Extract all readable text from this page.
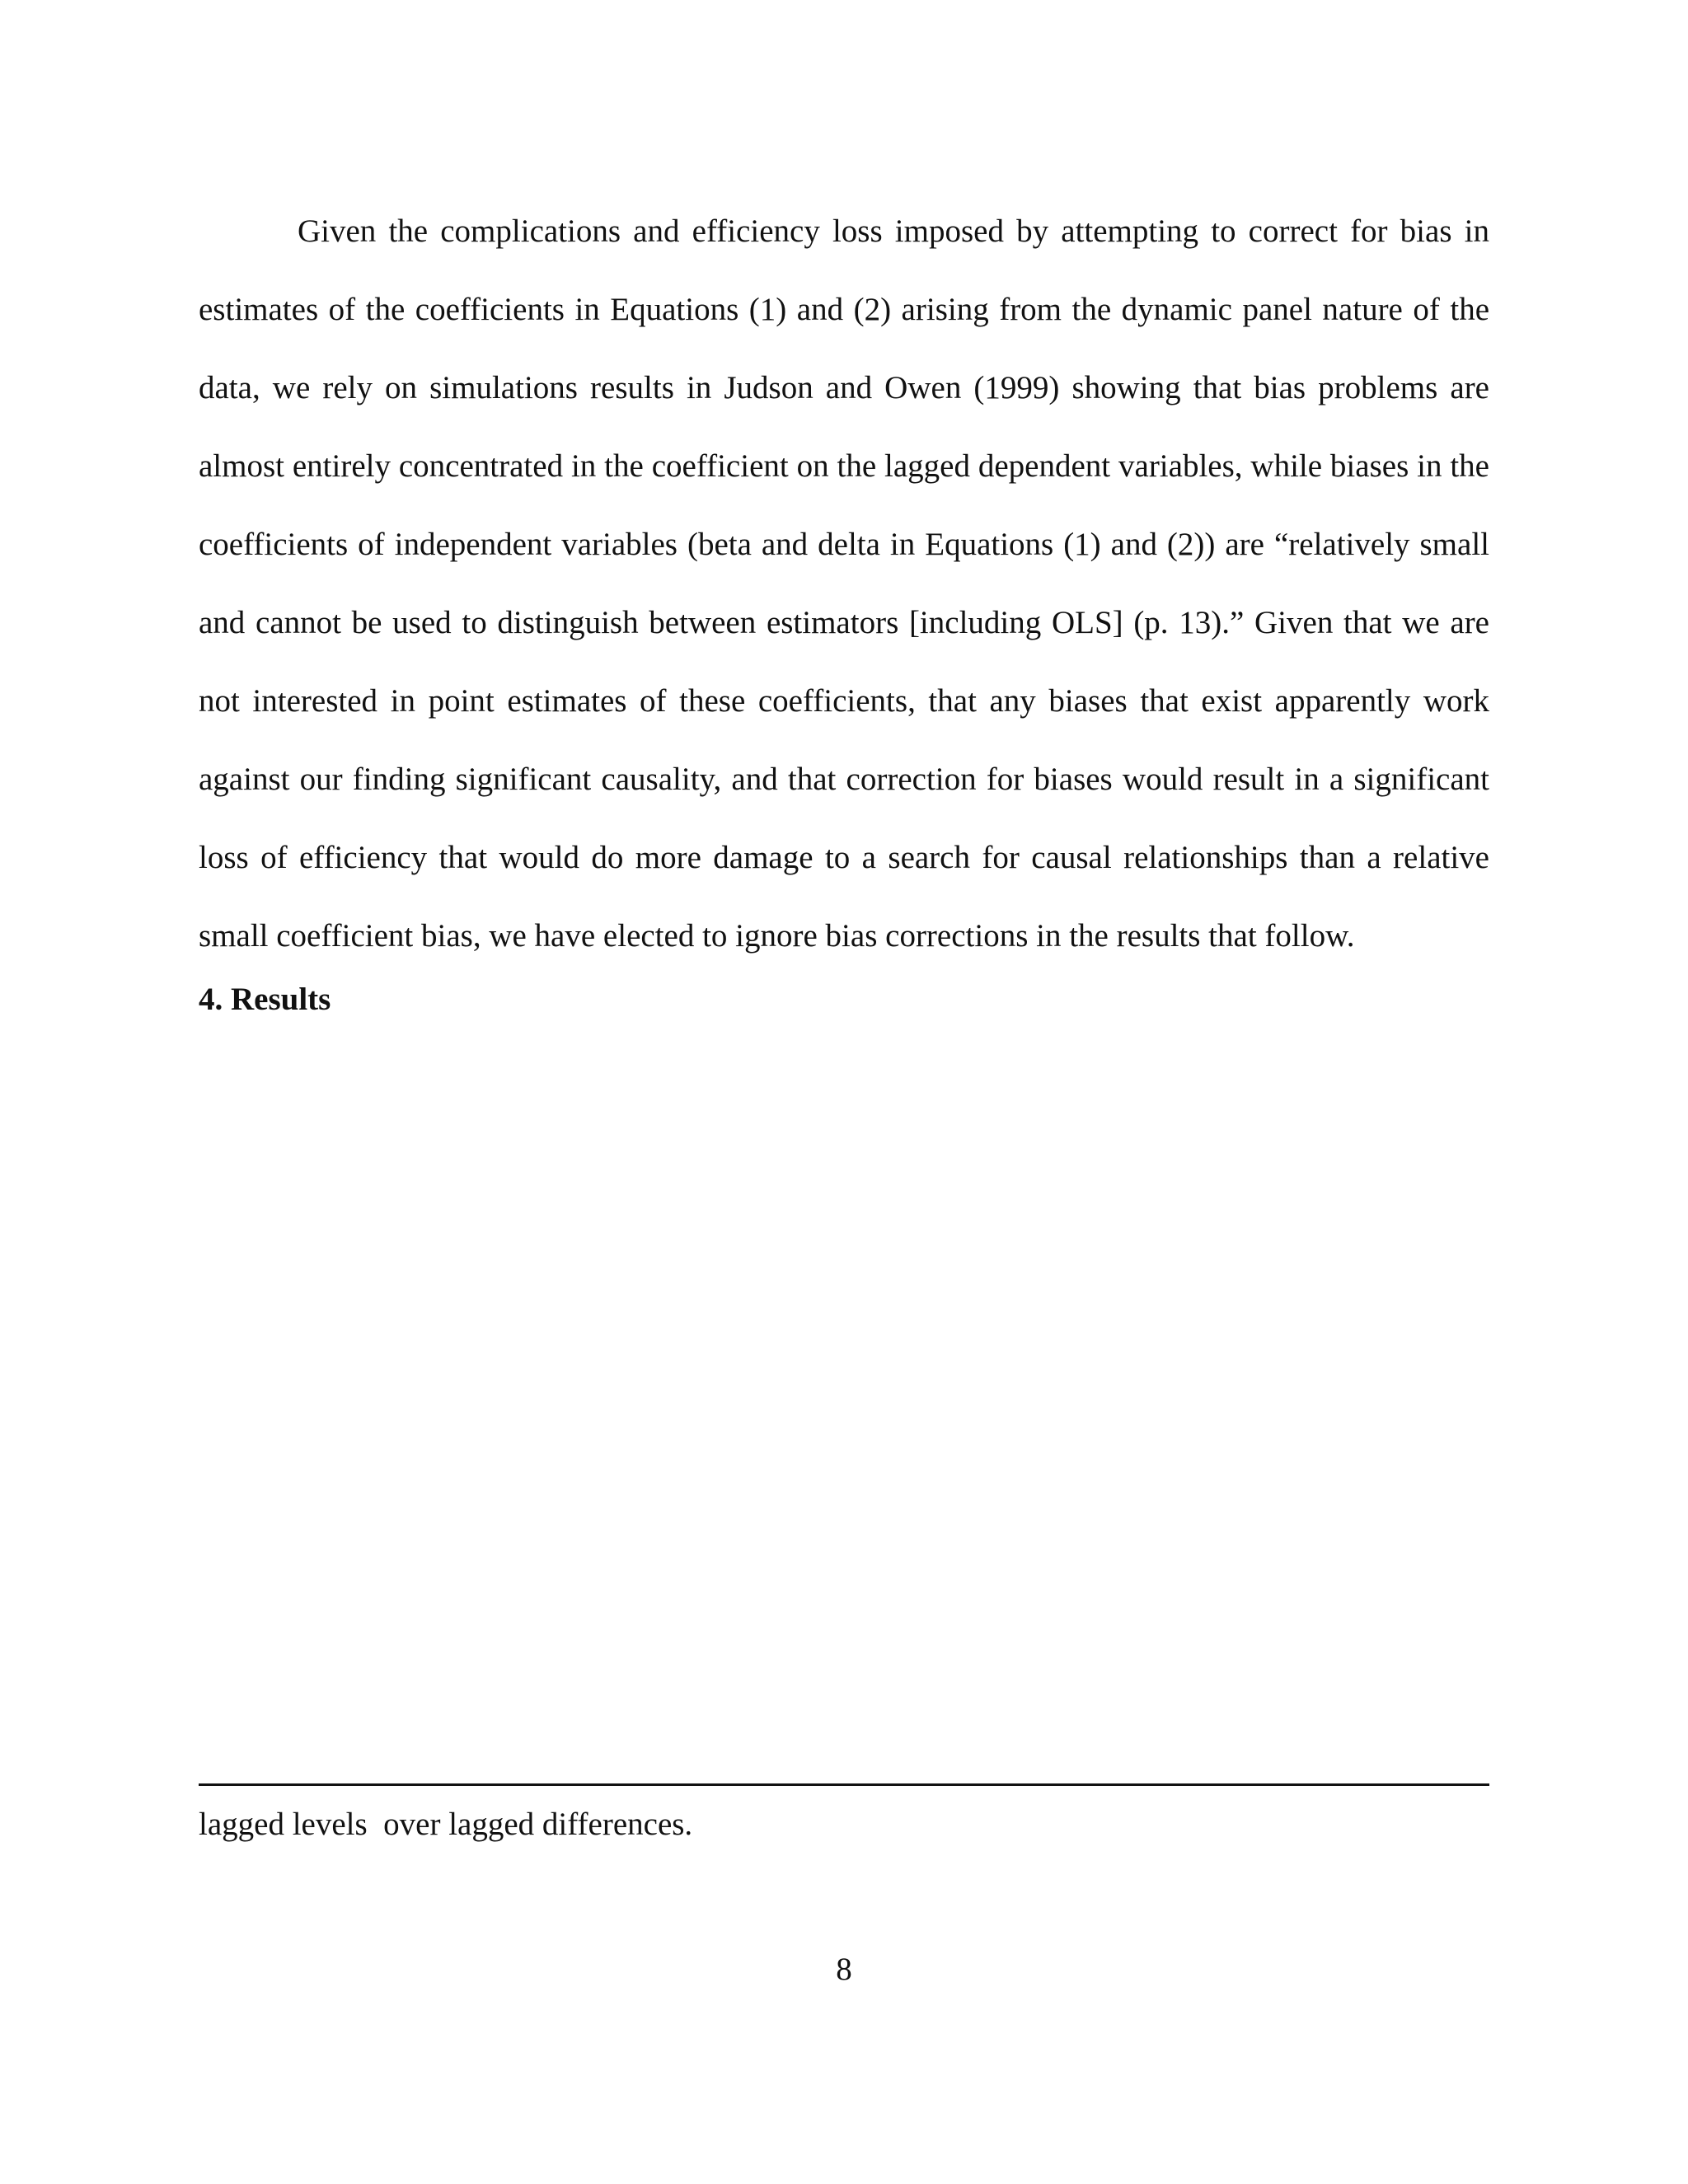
Given the complications and efficiency loss imposed by attempting to correct for bias in estimates of the coefficients in Equations (1) and (2) arising from the dynamic panel nature of the data, we rely on simulations results in Judson and Owen (1999) showing that bias problems are almost entirely concentrated in the coefficient on the lagged dependent variables, while biases in the coefficients of independent variables (beta and delta in Equations (1) and (2)) are “relatively small and cannot be used to distinguish between estimators [including OLS] (p. 13).” Given that we are not interested in point estimates of these coefficients, that any biases that exist apparently work against our finding significant causality, and that correction for biases would result in a significant loss of efficiency that would do more damage to a search for causal relationships than a relative small coefficient bias, we have elected to ignore bias corrections in the results that follow.

4. Results
lagged levels  over lagged differences.
8
